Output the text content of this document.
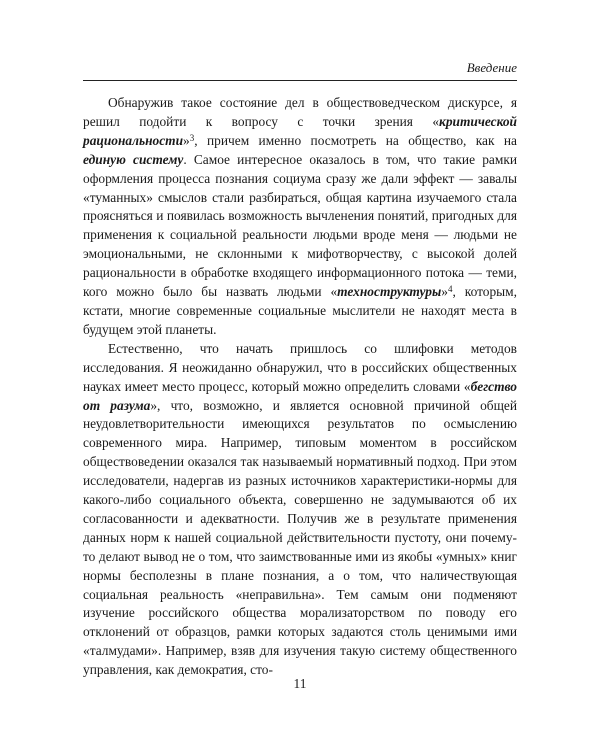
Введение

Обнаружив такое состояние дел в обществоведческом дискурсе, я решил подойти к вопросу с точки зрения «критической рациональности»$^3$, причем именно посмотреть на общество, как на единую систему. Самое интересное оказалось в том, что такие рамки оформления процесса познания социума сразу же дали эффект — завалы «туманных» смыслов стали разбираться, общая картина изучаемого стала проясняться и появилась возможность вычленения понятий, пригодных для применения к социальной реальности людьми вроде меня — людьми не эмоциональными, не склонными к мифотворчеству, с высокой долей рациональности в обработке входящего информационного потока — теми, кого можно было бы назвать людьми «техноструктуры»$^4$, которым, кстати, многие современные социальные мыслители не находят места в будущем этой планеты.

Естественно, что начать пришлось со шлифовки методов исследования. Я неожиданно обнаружил, что в российских общественных науках имеет место процесс, который можно определить словами «бегство от разума», что, возможно, и является основной причиной общей неудовлетворительности имеющихся результатов по осмыслению современного мира. Например, типовым моментом в российском обществоведении оказался так называемый нормативный подход. При этом исследователи, надергав из разных источников характеристики-нормы для какого-либо социального объекта, совершенно не задумываются об их согласованности и адекватности. Получив же в результате применения данных норм к нашей социальной действительности пустоту, они почему-то делают вывод не о том, что заимствованные ими из якобы «умных» книг нормы бесполезны в плане познания, а о том, что наличествующая социальная реальность «неправильна». Тем самым они подменяют изучение российского общества морализаторством по поводу его отклонений от образцов, рамки которых задаются столь ценимыми ими «талмудами». Например, взяв для изучения такую систему общественного управления, как демократия, сто-

11
